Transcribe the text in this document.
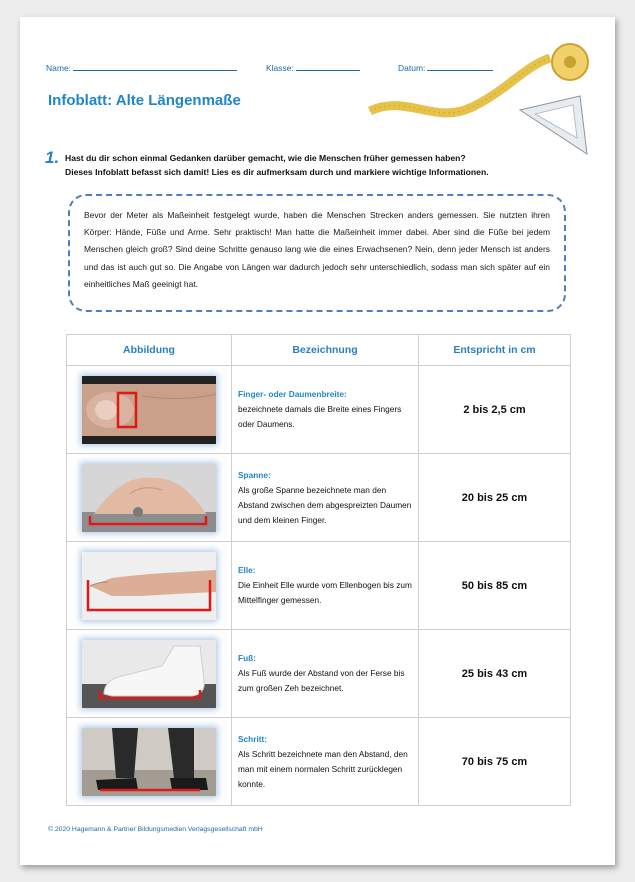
Name:	Klasse:	Datum:
Infoblatt: Alte Längenmaße
1. Hast du dir schon einmal Gedanken darüber gemacht, wie die Menschen früher gemessen haben?
Dieses Infoblatt befasst sich damit! Lies es dir aufmerksam durch und markiere wichtige Informationen.
Bevor der Meter als Maßeinheit festgelegt wurde, haben die Menschen Strecken anders gemessen. Sie nutzten ihren Körper: Hände, Füße und Arme. Sehr praktisch! Man hatte die Maßeinheit immer dabei. Aber sind die Füße bei jedem Menschen gleich groß? Sind deine Schritte genauso lang wie die eines Erwachsenen? Nein, denn jeder Mensch ist anders und das ist auch gut so. Die Angabe von Längen war dadurch jedoch sehr unterschiedlich, sodass man sich später auf ein einheitliches Maß geeinigt hat.
Abbildung	Bezeichnung	Entspricht in cm

Finger- oder Daumenbreite:
bezeichnete damals die Breite eines Fingers oder Daumens.	2 bis 2,5 cm

Spanne:
Als große Spanne bezeichnete man den Abstand zwischen dem abgespreizten Daumen und dem kleinen Finger.	20 bis 25 cm

Elle:
Die Einheit Elle wurde vom Ellenbogen bis zum Mittelfinger gemessen.	50 bis 85 cm

Fuß:
Als Fuß wurde der Abstand von der Ferse bis zum großen Zeh bezeichnet.	25 bis 43 cm

Schritt:
Als Schritt bezeichnete man den Abstand, den man mit einem normalen Schritt zurücklegen konnte.	70 bis 75 cm
© 2020 Hagemann & Partner Bildungsmedien Verlagsgesellschaft mbH
